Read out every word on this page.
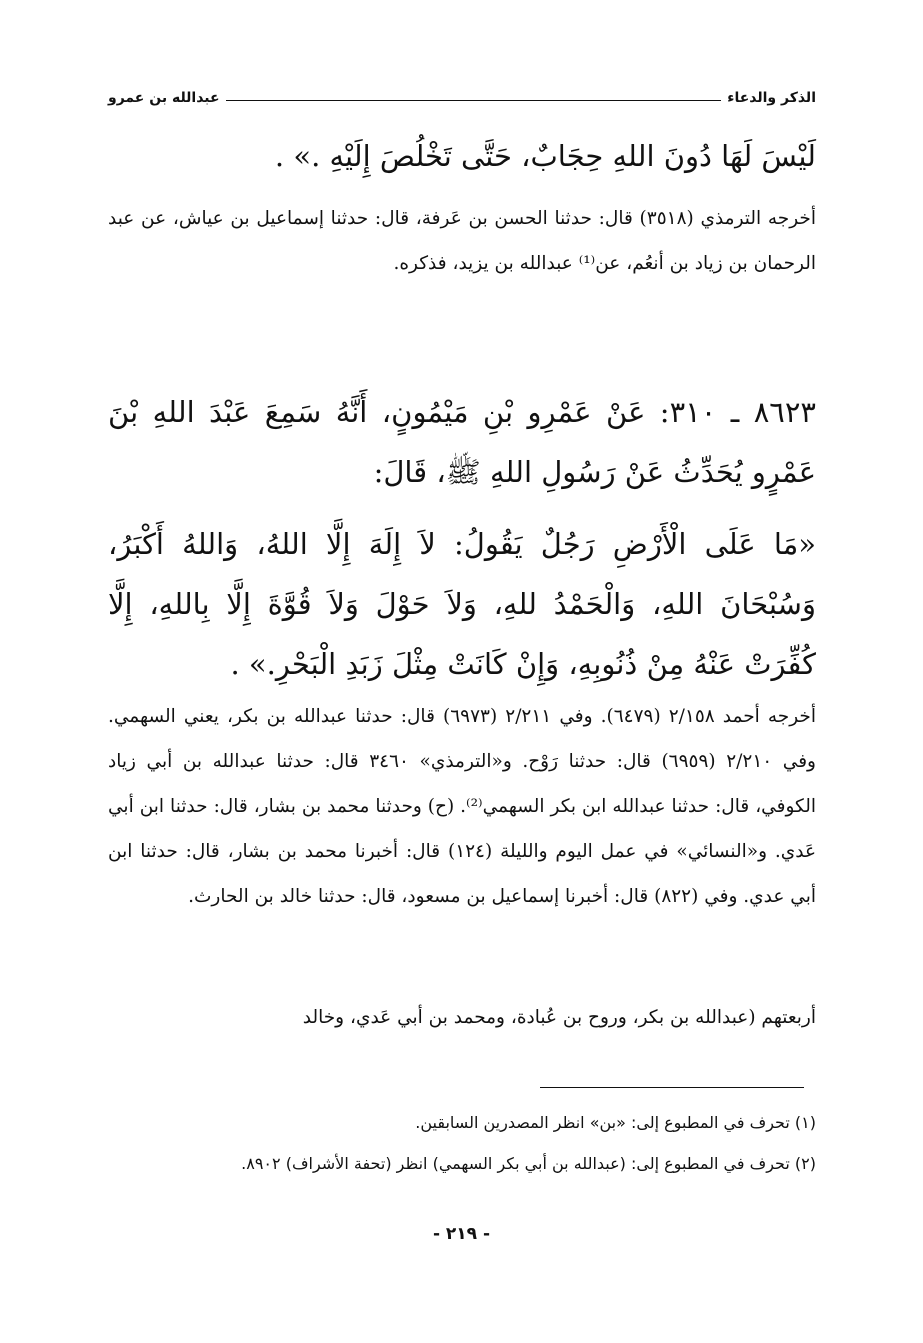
الذكر والدعاء
عبدالله بن عمرو

لَيْسَ لَهَا دُونَ اللهِ حِجَابٌ، حَتَّى تَخْلُصَ إِلَيْهِ .» .

أخرجه الترمذي (٣٥١٨) قال: حدثنا الحسن بن عَرفة، قال: حدثنا إسماعيل بن عياش، عن عبد الرحمان بن زياد بن أنعُم، عن⁽¹⁾ عبدالله بن يزيد، فذكره.

٨٦٢٣ ـ ٣١٠: عَنْ عَمْرِو بْنِ مَيْمُونٍ، أَنَّهُ سَمِعَ عَبْدَ اللهِ بْنَ عَمْرٍو يُحَدِّثُ عَنْ رَسُولِ اللهِ ﷺ، قَالَ:

«مَا عَلَى الْأَرْضِ رَجُلٌ يَقُولُ: لاَ إِلَهَ إِلَّا اللهُ، وَاللهُ أَكْبَرُ، وَسُبْحَانَ اللهِ، وَالْحَمْدُ للهِ، وَلاَ حَوْلَ وَلاَ قُوَّةَ إِلَّا بِاللهِ، إِلَّا كُفِّرَتْ عَنْهُ مِنْ ذُنُوبِهِ، وَإِنْ كَانَتْ مِثْلَ زَبَدِ الْبَحْرِ.» .

أخرجه أحمد ٢/١٥٨ (٦٤٧٩). وفي ٢/٢١١ (٦٩٧٣) قال: حدثنا عبدالله بن بكر، يعني السهمي. وفي ٢/٢١٠ (٦٩٥٩) قال: حدثنا رَوْح. و«الترمذي» ٣٤٦٠ قال: حدثنا عبدالله بن أبي زياد الكوفي، قال: حدثنا عبدالله ابن بكر السهمي⁽²⁾. (ح) وحدثنا محمد بن بشار، قال: حدثنا ابن أبي عَدي. و«النسائي» في عمل اليوم والليلة (١٢٤) قال: أخبرنا محمد بن بشار، قال: حدثنا ابن أبي عدي. وفي (٨٢٢) قال: أخبرنا إسماعيل بن مسعود، قال: حدثنا خالد بن الحارث.

أربعتهم (عبدالله بن بكر، وروح بن عُبادة، ومحمد بن أبي عَدي، وخالد

(١) تحرف في المطبوع إلى: «بن» انظر المصدرين السابقين.

(٢) تحرف في المطبوع إلى: (عبدالله بن أبي بكر السهمي) انظر (تحفة الأشراف) ٨٩٠٢.

- ٢١٩ -
